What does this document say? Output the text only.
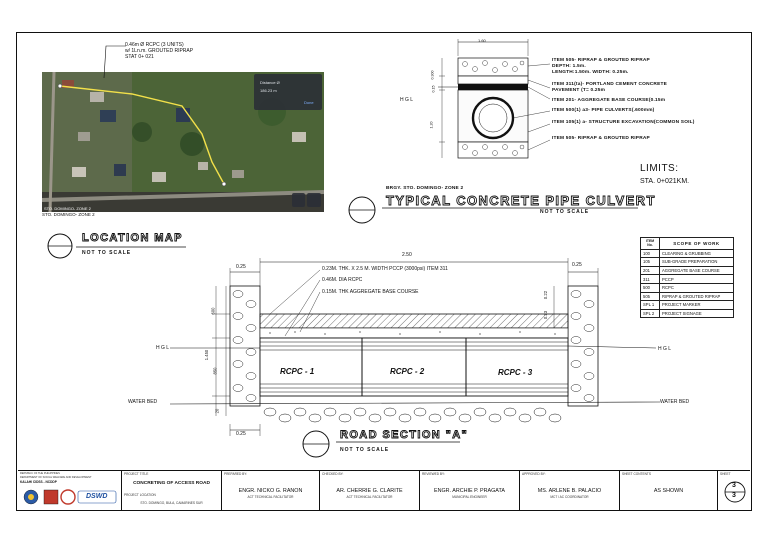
Distance Ø
186.23 m
Done
STO. DOMINGO- ZONE 2
0.46m Ø RCPC (3 UNITS)
w/ 1Ln.m. GROUTED RIPRAP
STAT 0+ 021
STO. DOMINGO- ZONE 2
LOCATION MAP
NOT TO SCALE
1.60
H G L
0.300
0.15
1.20
ITEM 505- RIPRAP & GROUTED RIPRAP
DEPTH: 1.5m.
LENGTH:1.50m. WIDTH: 0.25m.
ITEM 311(ta)- PORTLAND CEMENT CONCRETE
PAVEMENT (T= 0.25m
ITEM 201- AGGREGATE BASE COURSE(0.15m
ITEM 500(1) a3- PIPE CULVERTS(.600mm)
ITEM 105(1) a- STRUCTURE EXCAVATION(COMMON SOIL)
ITEM 505- RIPRAP & GROUTED RIPRAP
LIMITS:
STA. 0+021KM.
BRGY. STO. DOMINGO- ZONE 2
TYPICAL CONCRETE PIPE CULVERT
NOT TO SCALE
ITEM No.	SCOPE OF WORK
100	CLEARING & GRUBBING
105	SUB-GRADE PREPARATION
201	AGGREGATE BASE COURSE
311	PCCP
500	RCPC
505	RIPRAP & GROUTED RIPRAP
SPL 1	PROJECT MARKER
SPL 2	PROJECT SIGNAGE
2.50
0.25	0.25
0.25
0.23M. THK. X 2.5 M. WIDTH PCCP (3000psi) ITEM 311
0.46M. DIA RCPC
0.15M. THK AGGREGATE BASE COURSE
600
1.450
850
20
0.22
0.23
H G L	H G L
WATER BED	WATER BED
RCPC - 1	RCPC - 2	RCPC - 3
ROAD SECTION "A"
NOT TO SCALE
REPUBLIC OF THE PHILIPPINES
DEPARTMENT OF SOCIAL WELFARE AND DEVELOPMENT
KALAHI CIDSS - NCDDP
DSWD
PROJECT TITLE
CONCRETING OF ACCESS ROAD
PROJECT LOCATION
STO. DOMINGO, BULA, CAMARINES SUR
PREPARED BY:
ENGR. NICKO G. RANON
ACT TECHNICAL FACILITATOR
CHECKED BY:
AR. CHERRIE G. CLARITE
ACT TECHNICAL FACILITATOR
REVIEWED BY:
ENGR. ARCHIE P. PRAGATA
MUNICIPAL ENGINEER
APPROVED BY:
MS. ARLENE B. PALACIO
MCT / AC COORDINATOR
SHEET CONTENTS
AS SHOWN
SHEET
3
3
